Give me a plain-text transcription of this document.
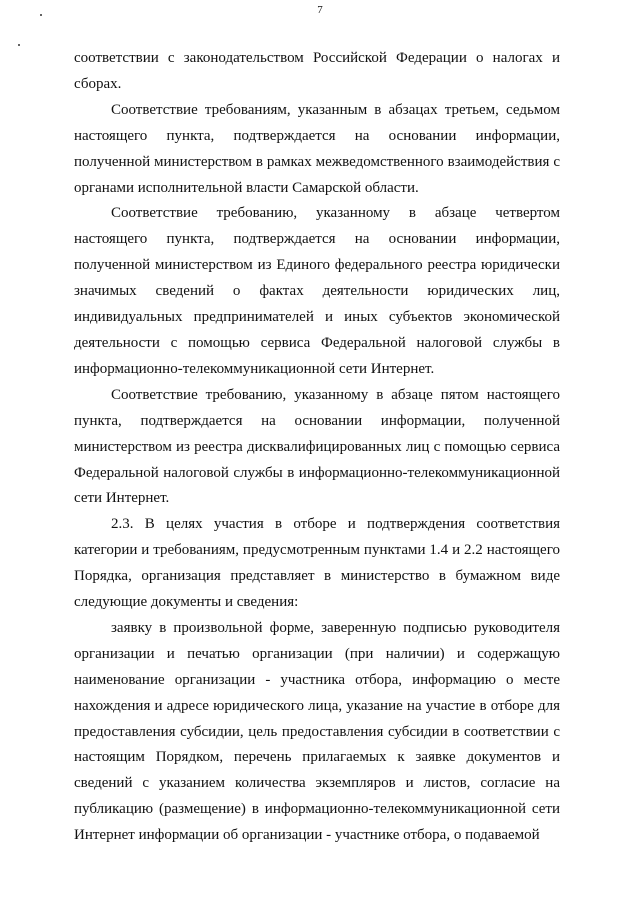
7

соответствии с законодательством Российской Федерации о налогах и сборах.

Соответствие требованиям, указанным в абзацах третьем, седьмом настоящего пункта, подтверждается на основании информации, полученной министерством в рамках межведомственного взаимодействия с органами исполнительной власти Самарской области.

Соответствие требованию, указанному в абзаце четвертом настоящего пункта, подтверждается на основании информации, полученной министерством из Единого федерального реестра юридически значимых сведений о фактах деятельности юридических лиц, индивидуальных предпринимателей и иных субъектов экономической деятельности с помощью сервиса Федеральной налоговой службы в информационно-телекоммуникационной сети Интернет.

Соответствие требованию, указанному в абзаце пятом настоящего пункта, подтверждается на основании информации, полученной министерством из реестра дисквалифицированных лиц с помощью сервиса Федеральной налоговой службы в информационно-телекоммуникационной сети Интернет.

2.3. В целях участия в отборе и подтверждения соответствия категории и требованиям, предусмотренным пунктами 1.4 и 2.2 настоящего Порядка, организация представляет в министерство в бумажном виде следующие документы и сведения:

заявку в произвольной форме, заверенную подписью руководителя организации и печатью организации (при наличии) и содержащую наименование организации - участника отбора, информацию о месте нахождения и адресе юридического лица, указание на участие в отборе для предоставления субсидии, цель предоставления субсидии в соответствии с настоящим Порядком, перечень прилагаемых к заявке документов и сведений с указанием количества экземпляров и листов, согласие на публикацию (размещение) в информационно-телекоммуникационной сети Интернет информации об организации - участнике отбора, о подаваемой
